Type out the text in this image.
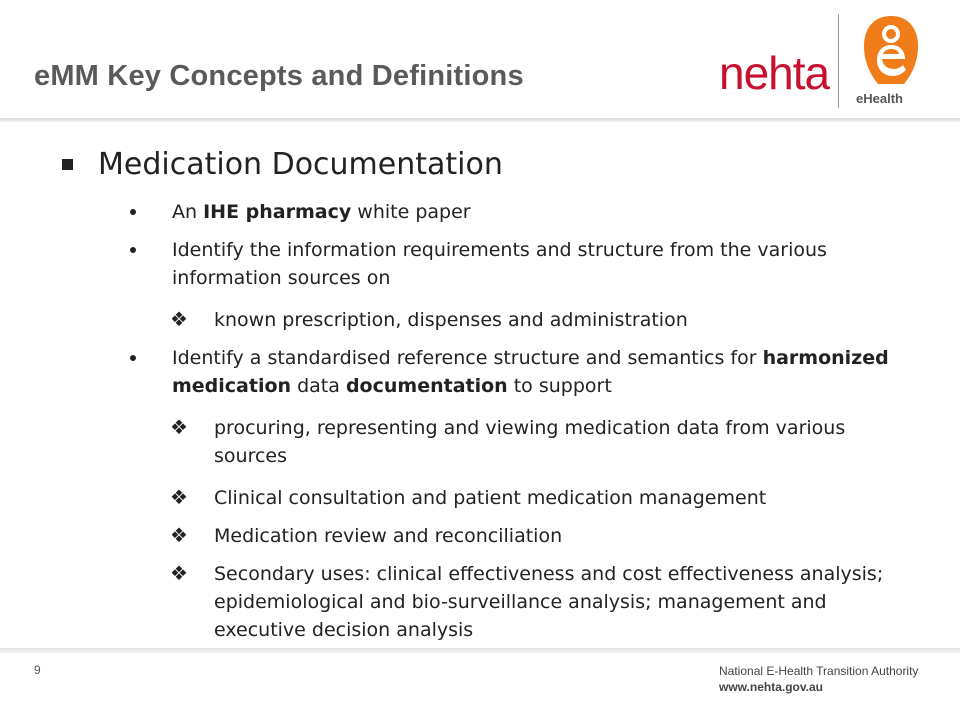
eMM Key Concepts and Definitions	nehta eHealth
Medication Documentation
An IHE pharmacy white paper
Identify the information requirements and structure from the various information sources on
❖ known prescription, dispenses and administration
Identify a standardised reference structure and semantics for harmonized medication data documentation to support
❖ procuring, representing and viewing medication data from various sources
❖ Clinical consultation and patient medication management
❖ Medication review and reconciliation
❖ Secondary uses: clinical effectiveness and cost effectiveness analysis; epidemiological and bio-surveillance analysis; management and executive decision analysis
9	National E-Health Transition Authority
www.nehta.gov.au
